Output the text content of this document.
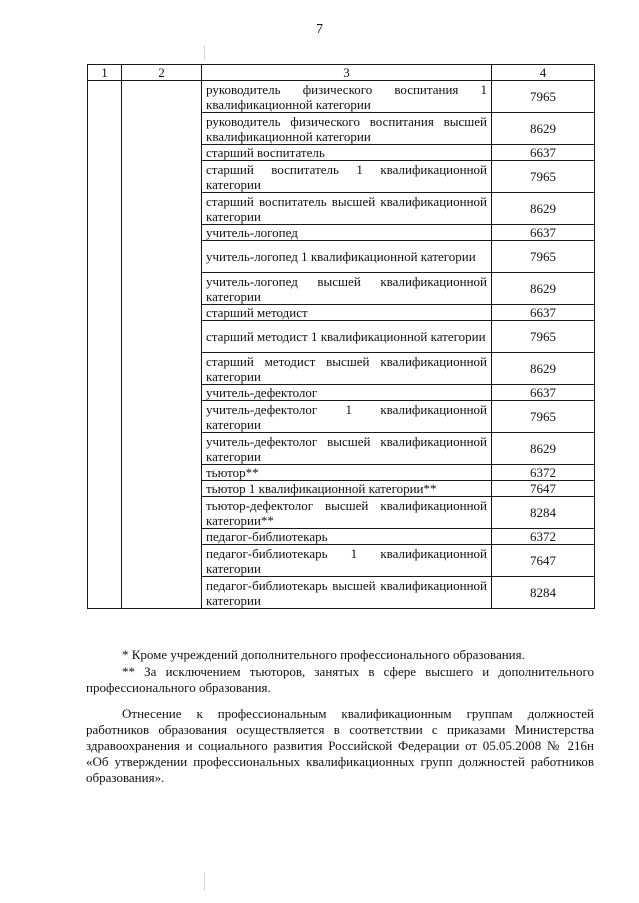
7
1	2	3	4
		руководитель физического воспитания 1 квалификационной категории	7965
		руководитель физического воспитания высшей квалификационной категории	8629
		старший воспитатель	6637
		старший воспитатель 1 квалификационной категории	7965
		старший воспитатель высшей квалификационной категории	8629
		учитель-логопед	6637
		учитель-логопед 1 квалификационной категории	7965
		учитель-логопед высшей квалификационной категории	8629
		старший методист	6637
		старший методист 1 квалификационной категории	7965
		старший методист высшей квалификационной категории	8629
		учитель-дефектолог	6637
		учитель-дефектолог 1 квалификационной категории	7965
		учитель-дефектолог высшей квалификационной категории	8629
		тьютор**	6372
		тьютор 1 квалификационной категории**	7647
		тьютор-дефектолог высшей квалификационной категории**	8284
		педагог-библиотекарь	6372
		педагог-библиотекарь 1 квалификационной категории	7647
		педагог-библиотекарь высшей квалификационной категории	8284
* Кроме учреждений дополнительного профессионального образования.
** За исключением тьюторов, занятых в сфере высшего и дополнительного профессионального образования.
Отнесение к профессиональным квалификационным группам должностей работников образования осуществляется в соответствии с приказами Министерства здравоохранения и социального развития Российской Федерации от 05.05.2008 № 216н «Об утверждении профессиональных квалификационных групп должностей работников образования».
